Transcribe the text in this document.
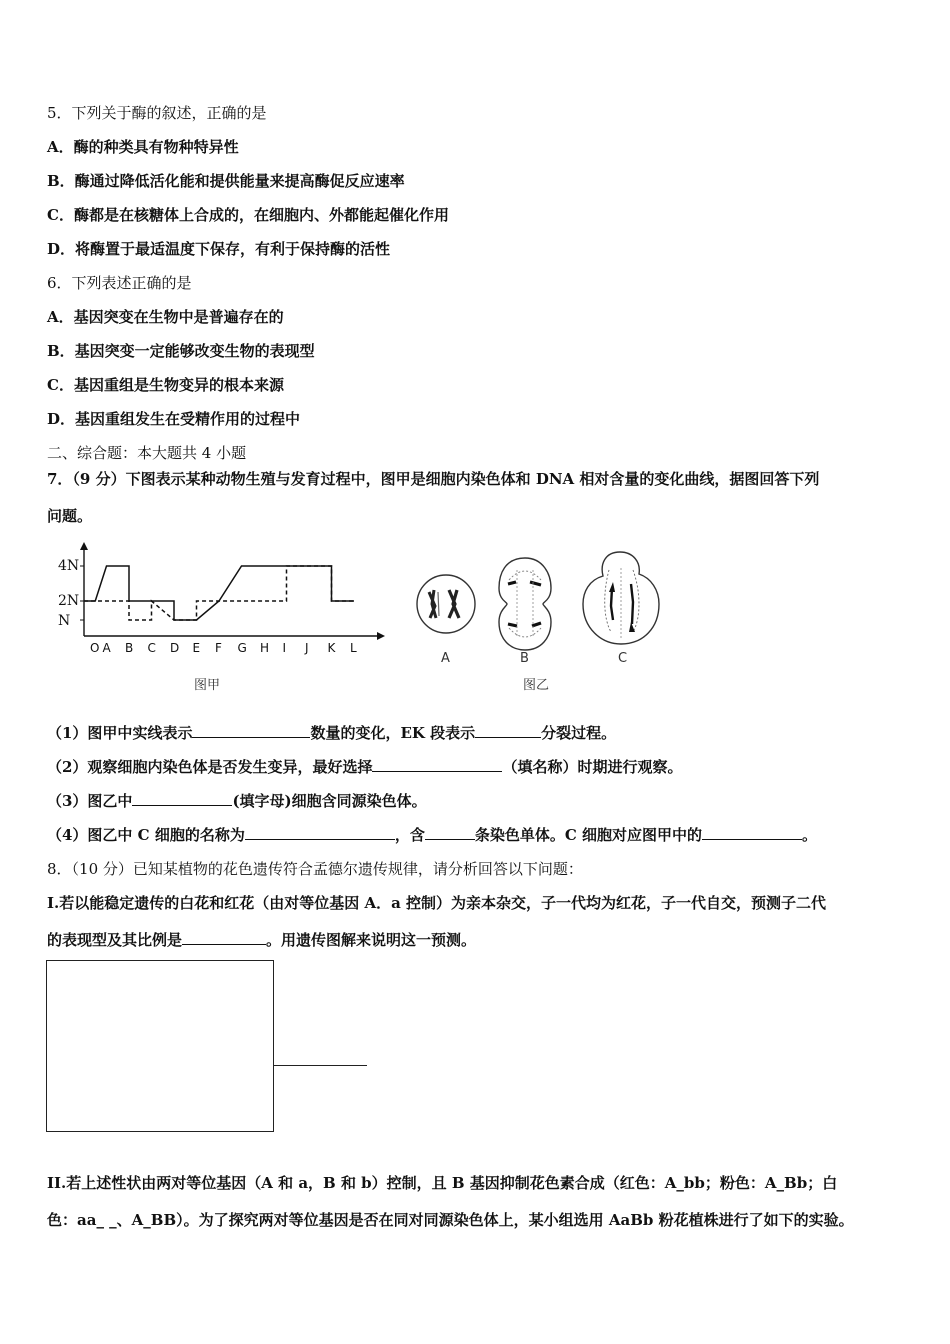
5．下列关于酶的叙述，正确的是
A．酶的种类具有物种特异性
B．酶通过降低活化能和提供能量来提高酶促反应速率
C．酶都是在核糖体上合成的，在细胞内、外都能起催化作用
D．将酶置于最适温度下保存，有利于保持酶的活性
6．下列表述正确的是
A．基因突变在生物中是普遍存在的
B．基因突变一定能够改变生物的表现型
C．基因重组是生物变异的根本来源
D．基因重组发生在受精作用的过程中
二、综合题：本大题共 4 小题
7．（9 分）下图表示某种动物生殖与发育过程中，图甲是细胞内染色体和 DNA 相对含量的变化曲线，据图回答下列
问题。
4N
2N
N
O A B C D E F G H I J K L
图甲
A	B	C
图乙
（1）图甲中实线表示	数量的变化，EK 段表示	分裂过程。
（2）观察细胞内染色体是否发生变异，最好选择	（填名称）时期进行观察。
（3）图乙中	(填字母)细胞含同源染色体。
（4）图乙中 C 细胞的名称为	，含	条染色单体。C 细胞对应图甲中的	。
8．（10 分）已知某植物的花色遗传符合孟德尔遗传规律，请分析回答以下问题：
I.若以能稳定遗传的白花和红花（由对等位基因 A．a 控制）为亲本杂交，子一代均为红花，子一代自交，预测子二代
的表现型及其比例是	。用遗传图解来说明这一预测。
II.若上述性状由两对等位基因（A 和 a，B 和 b）控制，且 B 基因抑制花色素合成（红色：A_bb；粉色：A_Bb；白
色：aa_ _、A_BB）。为了探究两对等位基因是否在同对同源染色体上，某小组选用 AaBb 粉花植株进行了如下的实验。
